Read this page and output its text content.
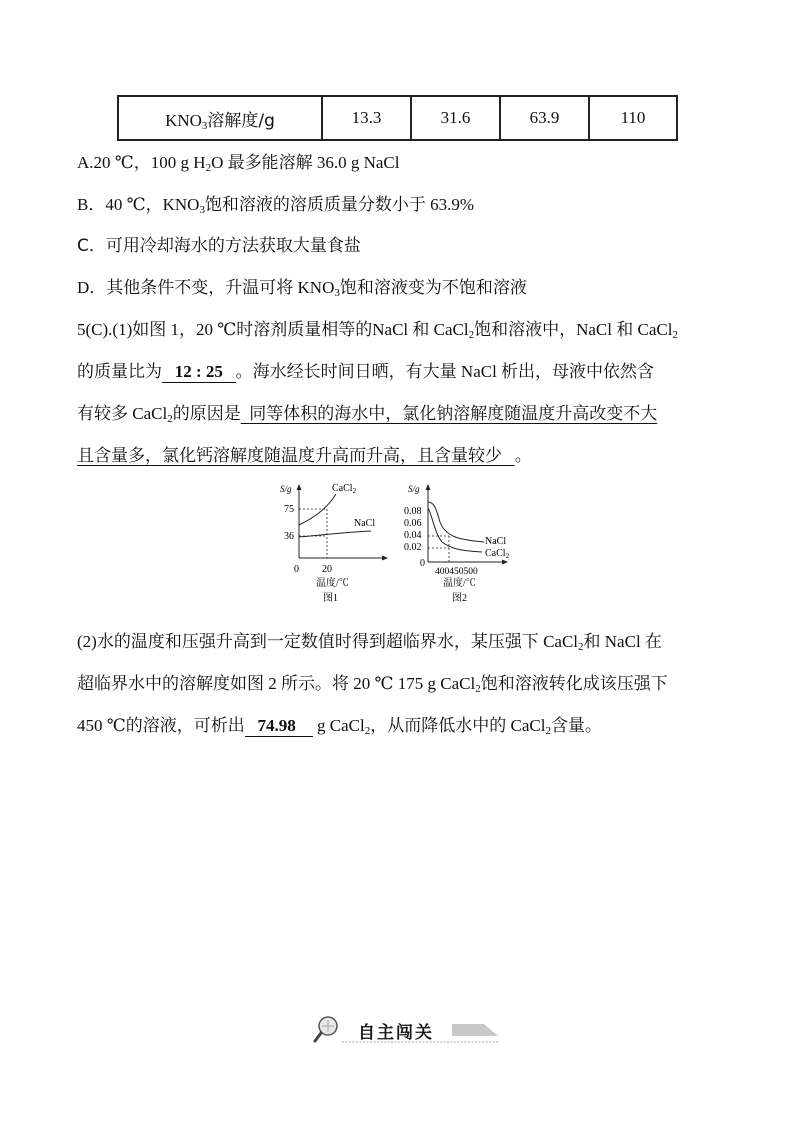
$KNO_3$溶解度/g	13.3	31.6	63.9	110
A.20 ℃，100 g $H_2O$ 最多能溶解 36.0 g NaCl
B．40 ℃，$KNO_3$饱和溶液的溶质质量分数小于 63.9%
C．可用冷却海水的方法获取大量食盐
D．其他条件不变，升温可将 $KNO_3$饱和溶液变为不饱和溶液
5(C).(1)如图 1，20 ℃时溶剂质量相等的NaCl 和 CaCl$_2$饱和溶液中，NaCl 和 CaCl$_2$
的质量比为 12 : 25 。海水经长时间日晒，有大量 NaCl 析出，母液中依然含
有较多 CaCl$_2$的原因是 同等体积的海水中，氯化钠溶解度随温度升高改变不大
且含量多，氯化钙溶解度随温度升高而升高，且含量较少 。
S/g
75
36
0 20
CaCl$_2$
NaCl
温度/℃
图1
S/g
0.08
0.06
0.04
0.02
0
400450500
NaCl
CaCl$_2$
温度/℃
图2
(2)水的温度和压强升高到一定数值时得到超临界水，某压强下 CaCl$_2$和 NaCl 在
超临界水中的溶解度如图 2 所示。将 20 ℃ 175 g CaCl$_2$饱和溶液转化成该压强下
450 ℃的溶液，可析出 74.98 g CaCl$_2$，从而降低水中的 CaCl$_2$含量。
自主闯关
